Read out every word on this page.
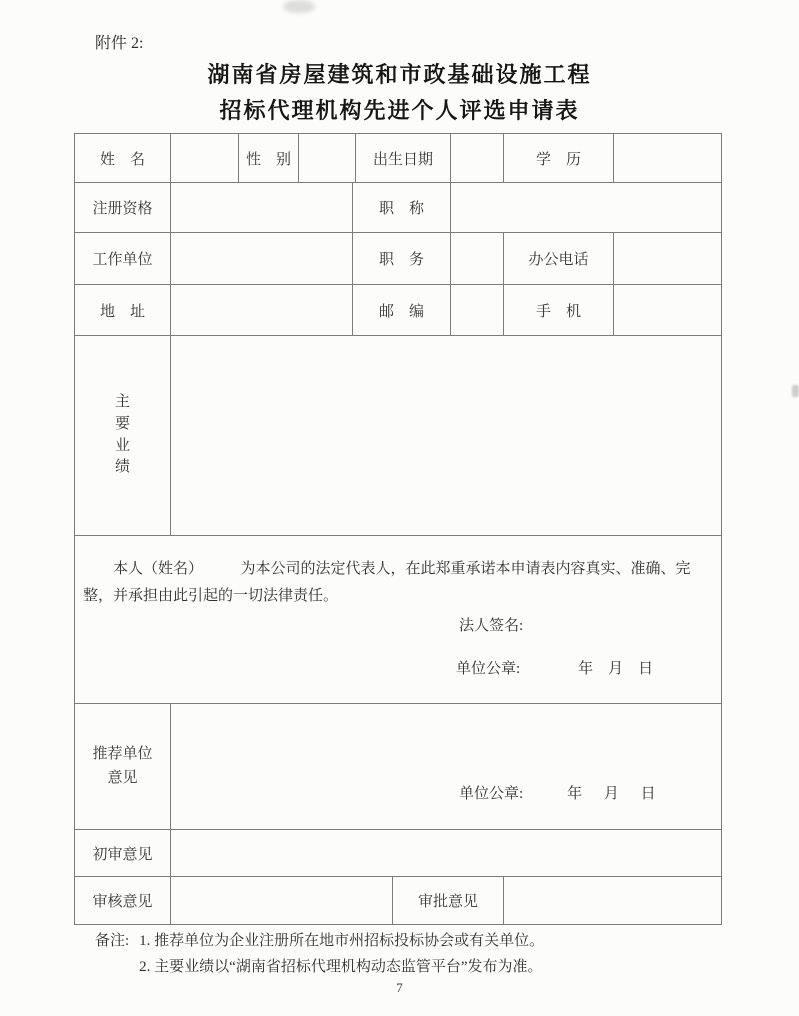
附件 2:
湖南省房屋建筑和市政基础设施工程
招标代理机构先进个人评选申请表
姓　名	性　别	出生日期	学　历
注册资格	职　称
工作单位	职　务	办公电话
地　址	邮　编	手　机
主要业绩
本人（姓名）　　　为本公司的法定代表人，在此郑重承诺本申请表内容真实、准确、完整，并承担由此引起的一切法律责任。
法人签名:
单位公章:	年　月　日
推荐单位
意见
单位公章:	年 月 日
初审意见
审核意见	审批意见
备注: 1. 推荐单位为企业注册所在地市州招标投标协会或有关单位。
2. 主要业绩以“湖南省招标代理机构动态监管平台”发布为准。
7
